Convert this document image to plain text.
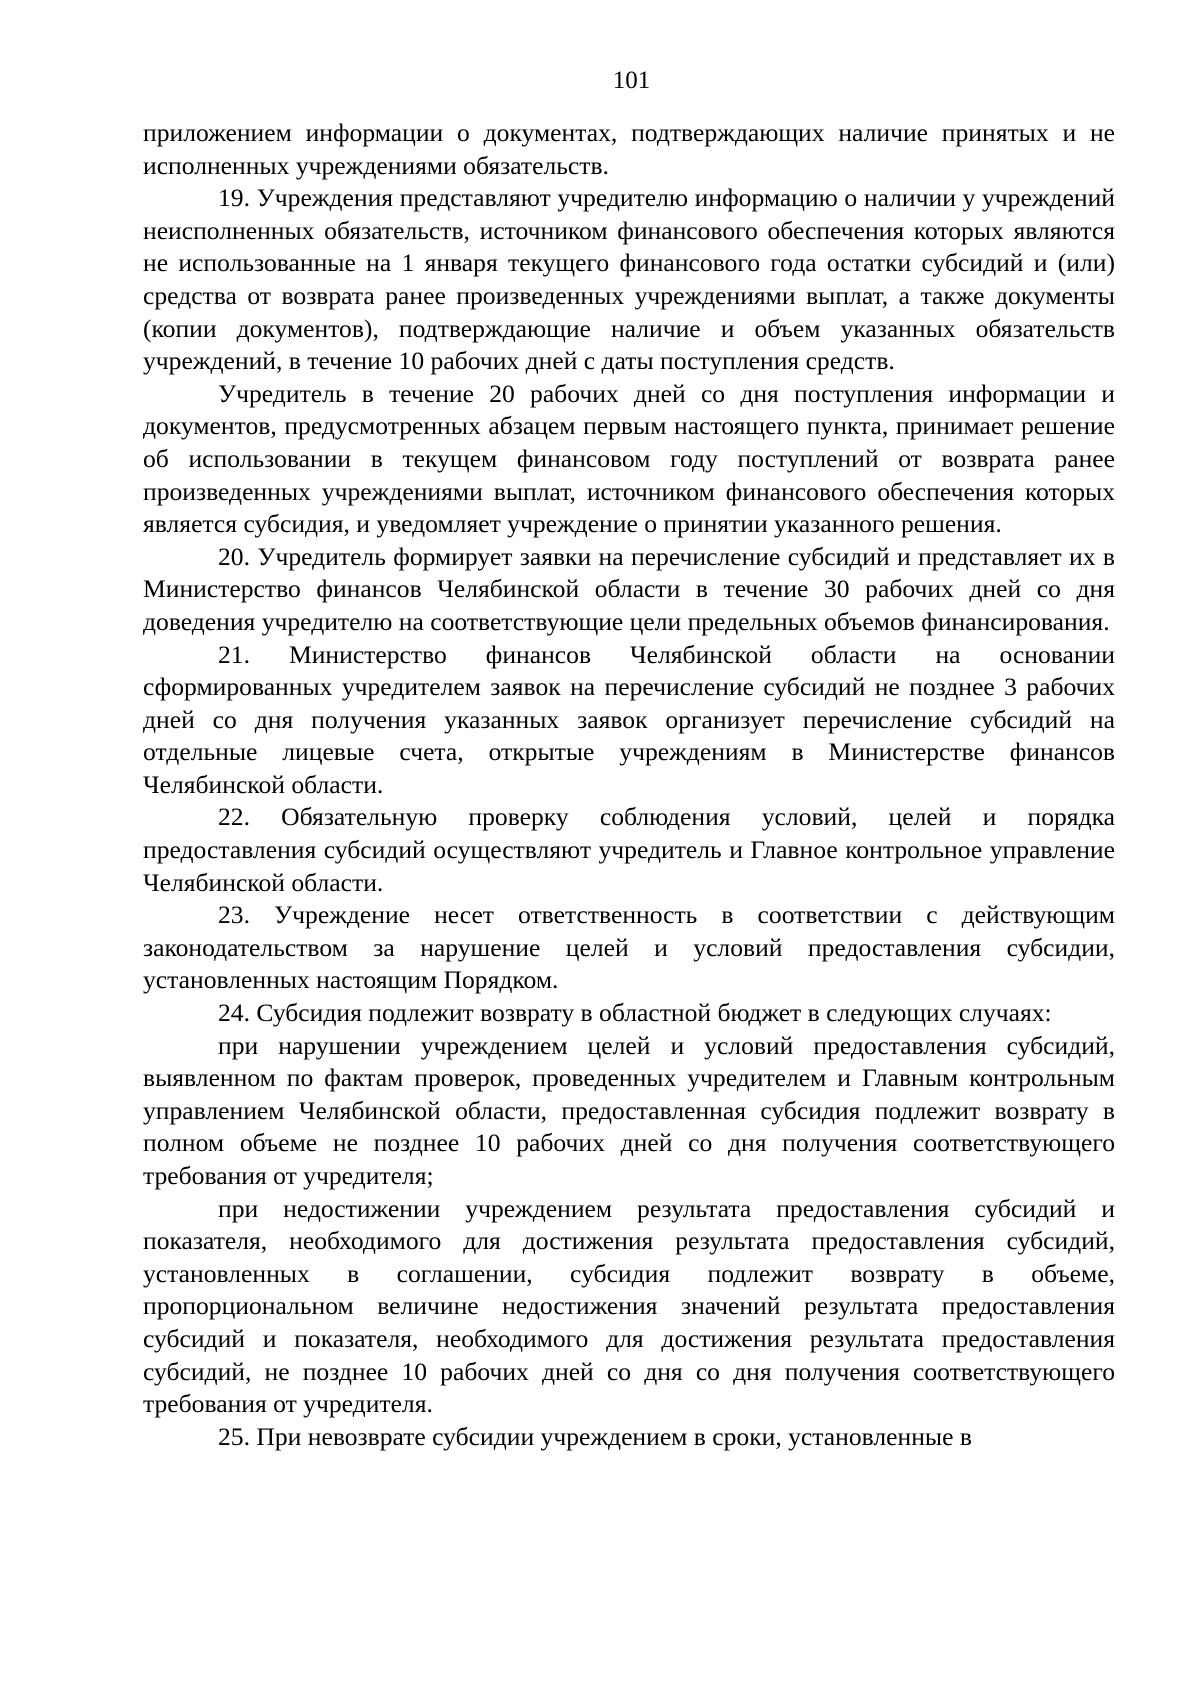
101

приложением информации о документах, подтверждающих наличие принятых и не исполненных учреждениями обязательств.

19. Учреждения представляют учредителю информацию о наличии у учреждений неисполненных обязательств, источником финансового обеспечения которых являются не использованные на 1 января текущего финансового года остатки субсидий и (или) средства от возврата ранее произведенных учреждениями выплат, а также документы (копии документов), подтверждающие наличие и объем указанных обязательств учреждений, в течение 10 рабочих дней с даты поступления средств.

Учредитель в течение 20 рабочих дней со дня поступления информации и документов, предусмотренных абзацем первым настоящего пункта, принимает решение об использовании в текущем финансовом году поступлений от возврата ранее произведенных учреждениями выплат, источником финансового обеспечения которых является субсидия, и уведомляет учреждение о принятии указанного решения.

20. Учредитель формирует заявки на перечисление субсидий и представляет их в Министерство финансов Челябинской области в течение 30 рабочих дней со дня доведения учредителю на соответствующие цели предельных объемов финансирования.

21. Министерство финансов Челябинской области на основании сформированных учредителем заявок на перечисление субсидий не позднее 3 рабочих дней со дня получения указанных заявок организует перечисление субсидий на отдельные лицевые счета, открытые учреждениям в Министерстве финансов Челябинской области.

22. Обязательную проверку соблюдения условий, целей и порядка предоставления субсидий осуществляют учредитель и Главное контрольное управление Челябинской области.

23. Учреждение несет ответственность в соответствии с действующим законодательством за нарушение целей и условий предоставления субсидии, установленных настоящим Порядком.

24. Субсидия подлежит возврату в областной бюджет в следующих случаях:

при нарушении учреждением целей и условий предоставления субсидий, выявленном по фактам проверок, проведенных учредителем и Главным контрольным управлением Челябинской области, предоставленная субсидия подлежит возврату в полном объеме не позднее 10 рабочих дней со дня получения соответствующего требования от учредителя;

при недостижении учреждением результата предоставления субсидий и показателя, необходимого для достижения результата предоставления субсидий, установленных в соглашении, субсидия подлежит возврату в объеме, пропорциональном величине недостижения значений результата предоставления субсидий и показателя, необходимого для достижения результата предоставления субсидий, не позднее 10 рабочих дней со дня со дня получения соответствующего требования от учредителя.

25. При невозврате субсидии учреждением в сроки, установленные в
